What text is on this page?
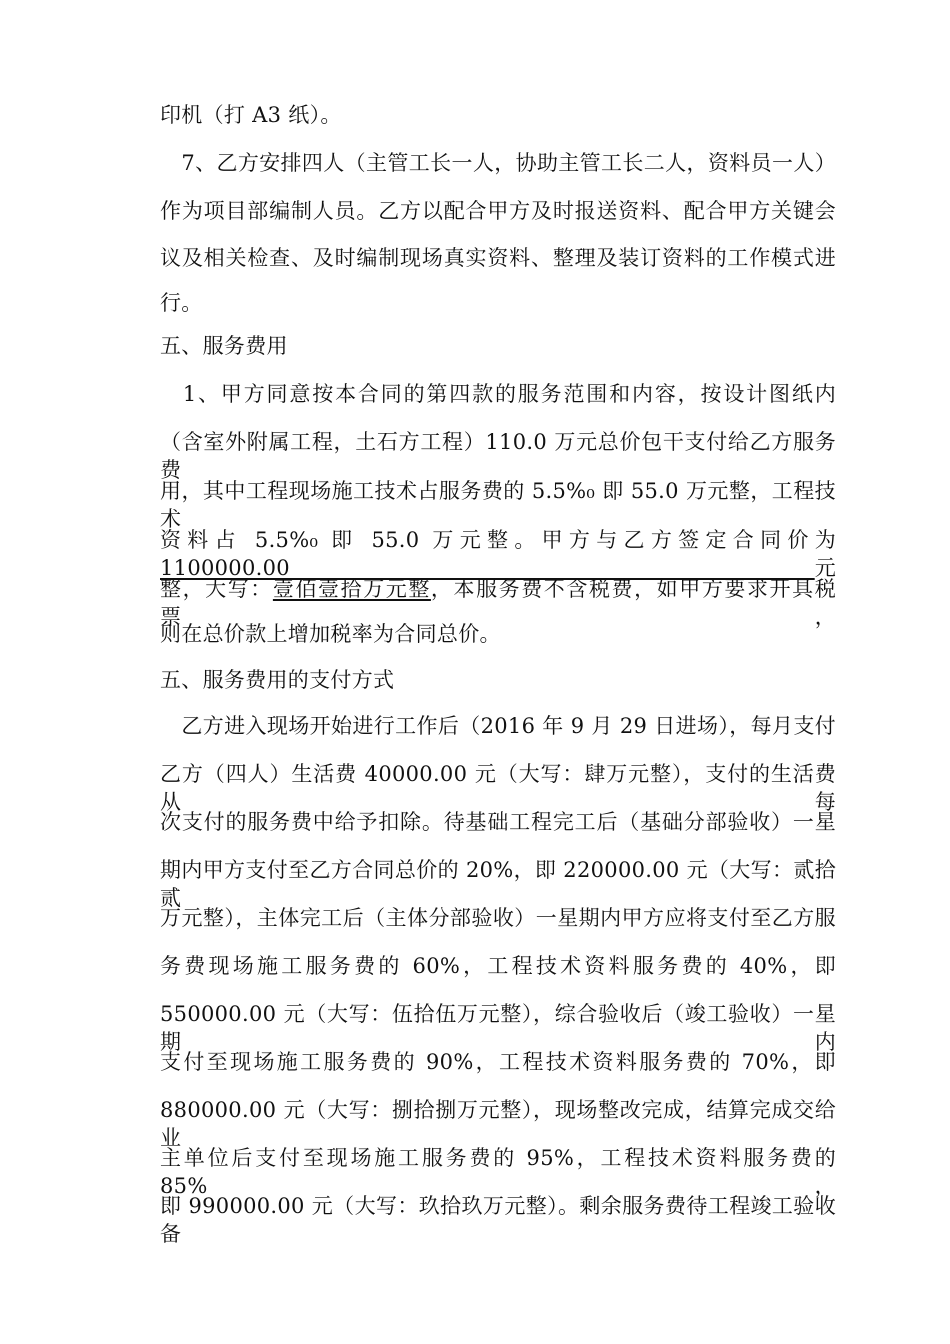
印机（打 A3 纸）。
　7、乙方安排四人（主管工长一人，协助主管工长二人，资料员一人）
作为项目部编制人员。乙方以配合甲方及时报送资料、配合甲方关键会
议及相关检查、及时编制现场真实资料、整理及装订资料的工作模式进
行。
五、服务费用
　1、甲方同意按本合同的第四款的服务范围和内容，按设计图纸内
（含室外附属工程，土石方工程）110.0 万元总价包干支付给乙方服务费
用，其中工程现场施工技术占服务费的 5.5%₀ 即 55.0 万元整，工程技术
资料占 5.5%₀ 即 55.0 万元整。甲方与乙方签定合同价为 1100000.00 元
整，大写：壹佰壹拾万元整，本服务费不含税费，如甲方要求开具税票，
则在总价款上增加税率为合同总价。
五、服务费用的支付方式
　乙方进入现场开始进行工作后（2016 年 9 月 29 日进场），每月支付
乙方（四人）生活费 40000.00 元（大写：肆万元整），支付的生活费从每
次支付的服务费中给予扣除。待基础工程完工后（基础分部验收）一星
期内甲方支付至乙方合同总价的 20%，即 220000.00 元（大写：贰拾贰
万元整），主体完工后（主体分部验收）一星期内甲方应将支付至乙方服
务费现场施工服务费的 60%，工程技术资料服务费的 40%，即
550000.00 元（大写：伍拾伍万元整），综合验收后（竣工验收）一星期内
支付至现场施工服务费的 90%，工程技术资料服务费的 70%，即
880000.00 元（大写：捌拾捌万元整），现场整改完成，结算完成交给业
主单位后支付至现场施工服务费的 95%，工程技术资料服务费的 85%，
即 990000.00 元（大写：玖拾玖万元整）。剩余服务费待工程竣工验收备
